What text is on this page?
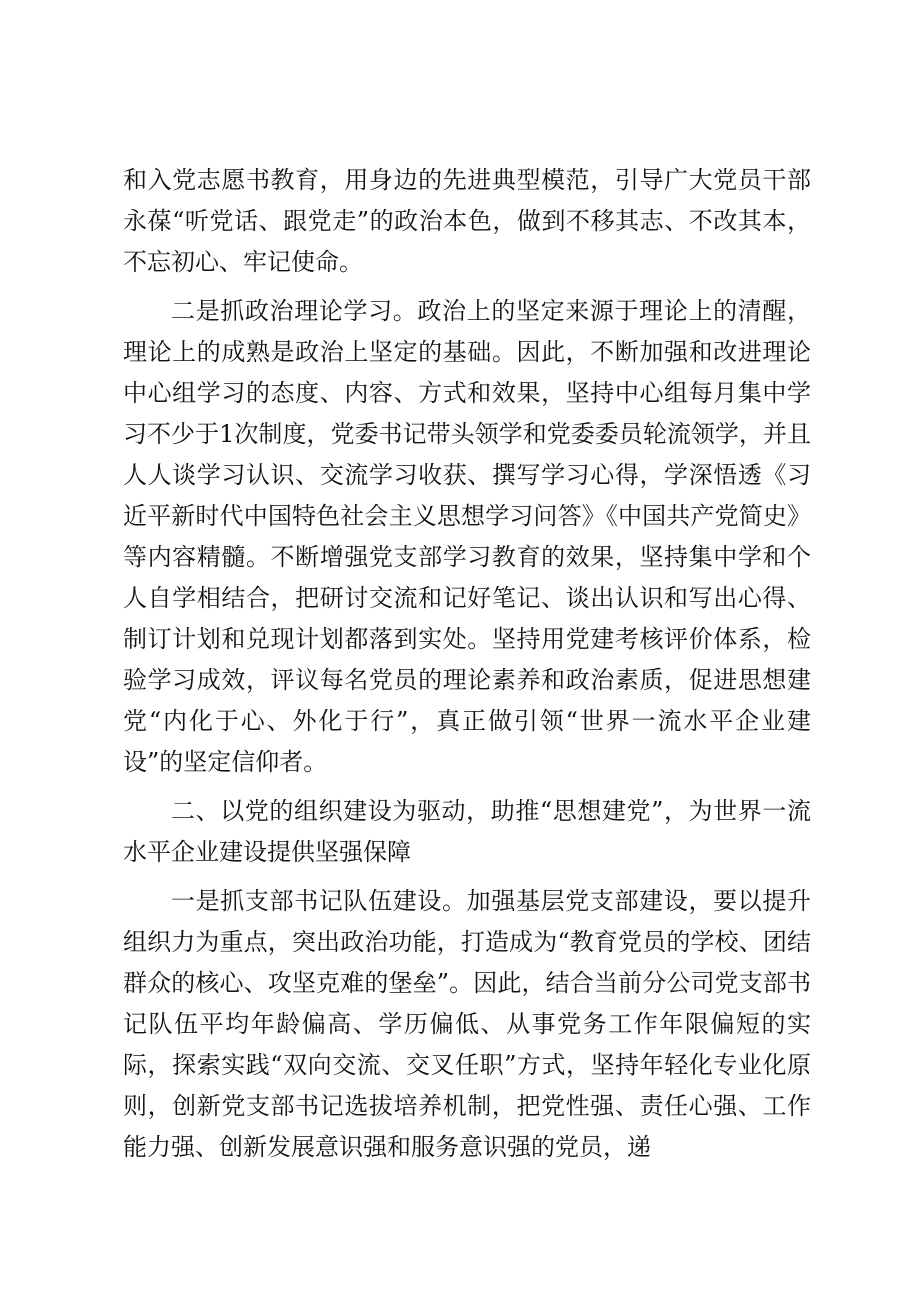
和入党志愿书教育，用身边的先进典型模范，引导广大党员干部永葆“听党话、跟党走”的政治本色，做到不移其志、不改其本，不忘初心、牢记使命。

二是抓政治理论学习。政治上的坚定来源于理论上的清醒，理论上的成熟是政治上坚定的基础。因此，不断加强和改进理论中心组学习的态度、内容、方式和效果，坚持中心组每月集中学习不少于1次制度，党委书记带头领学和党委委员轮流领学，并且人人谈学习认识、交流学习收获、撰写学习心得，学深悟透《习近平新时代中国特色社会主义思想学习问答》《中国共产党简史》等内容精髓。不断增强党支部学习教育的效果，坚持集中学和个人自学相结合，把研讨交流和记好笔记、谈出认识和写出心得、制订计划和兑现计划都落到实处。坚持用党建考核评价体系，检验学习成效，评议每名党员的理论素养和政治素质，促进思想建党“内化于心、外化于行”，真正做引领“世界一流水平企业建设”的坚定信仰者。

二、以党的组织建设为驱动，助推“思想建党”，为世界一流水平企业建设提供坚强保障

一是抓支部书记队伍建设。加强基层党支部建设，要以提升组织力为重点，突出政治功能，打造成为“教育党员的学校、团结群众的核心、攻坚克难的堡垒”。因此，结合当前分公司党支部书记队伍平均年龄偏高、学历偏低、从事党务工作年限偏短的实际，探索实践“双向交流、交叉任职”方式，坚持年轻化专业化原则，创新党支部书记选拔培养机制，把党性强、责任心强、工作能力强、创新发展意识强和服务意识强的党员，递
